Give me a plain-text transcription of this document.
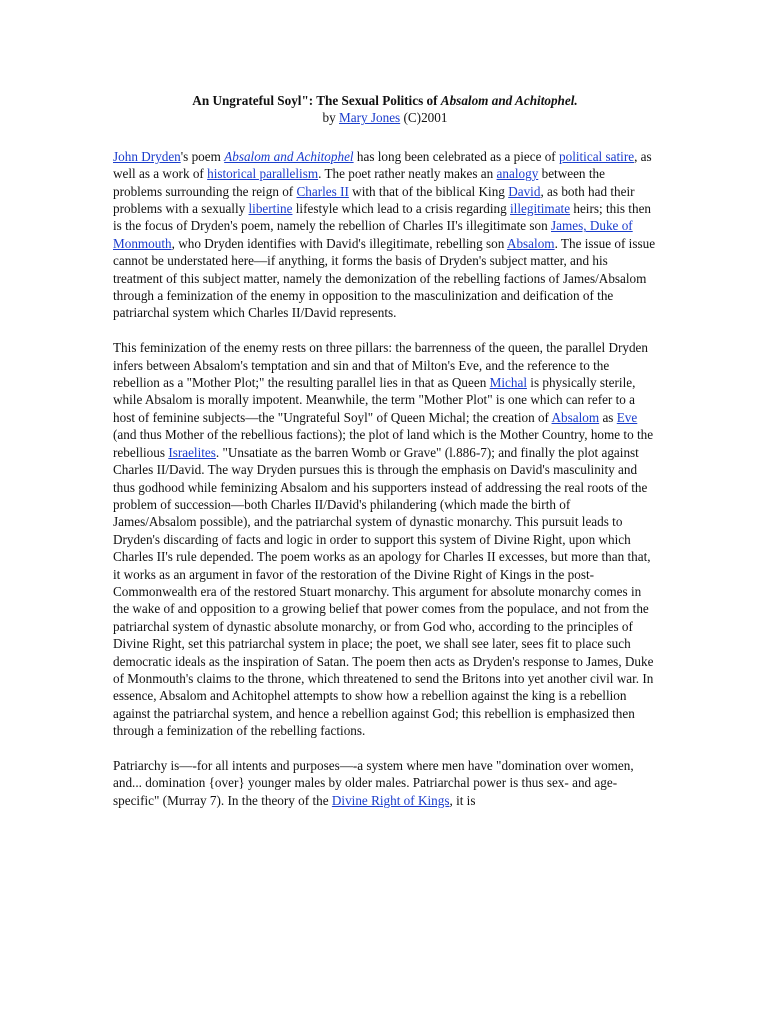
An Ungrateful Soyl": The Sexual Politics of Absalom and Achitophel.
by Mary Jones (C)2001

John Dryden's poem Absalom and Achitophel has long been celebrated as a piece of political satire, as well as a work of historical parallelism. The poet rather neatly makes an analogy between the problems surrounding the reign of Charles II with that of the biblical King David, as both had their problems with a sexually libertine lifestyle which lead to a crisis regarding illegitimate heirs; this then is the focus of Dryden's poem, namely the rebellion of Charles II's illegitimate son James, Duke of Monmouth, who Dryden identifies with David's illegitimate, rebelling son Absalom. The issue of issue cannot be understated here—if anything, it forms the basis of Dryden's subject matter, and his treatment of this subject matter, namely the demonization of the rebelling factions of James/Absalom through a feminization of the enemy in opposition to the masculinization and deification of the patriarchal system which Charles II/David represents.

This feminization of the enemy rests on three pillars: the barrenness of the queen, the parallel Dryden infers between Absalom's temptation and sin and that of Milton's Eve, and the reference to the rebellion as a "Mother Plot;" the resulting parallel lies in that as Queen Michal is physically sterile, while Absalom is morally impotent. Meanwhile, the term "Mother Plot" is one which can refer to a host of feminine subjects—the "Ungrateful Soyl" of Queen Michal; the creation of Absalom as Eve (and thus Mother of the rebellious factions); the plot of land which is the Mother Country, home to the rebellious Israelites. "Unsatiate as the barren Womb or Grave" (l.886-7); and finally the plot against Charles II/David. The way Dryden pursues this is through the emphasis on David's masculinity and thus godhood while feminizing Absalom and his supporters instead of addressing the real roots of the problem of succession—both Charles II/David's philandering (which made the birth of James/Absalom possible), and the patriarchal system of dynastic monarchy. This pursuit leads to Dryden's discarding of facts and logic in order to support this system of Divine Right, upon which Charles II's rule depended. The poem works as an apology for Charles II excesses, but more than that, it works as an argument in favor of the restoration of the Divine Right of Kings in the post-Commonwealth era of the restored Stuart monarchy. This argument for absolute monarchy comes in the wake of and opposition to a growing belief that power comes from the populace, and not from the patriarchal system of dynastic absolute monarchy, or from God who, according to the principles of Divine Right, set this patriarchal system in place; the poet, we shall see later, sees fit to place such democratic ideals as the inspiration of Satan. The poem then acts as Dryden's response to James, Duke of Monmouth's claims to the throne, which threatened to send the Britons into yet another civil war. In essence, Absalom and Achitophel attempts to show how a rebellion against the king is a rebellion against the patriarchal system, and hence a rebellion against God; this rebellion is emphasized then through a feminization of the rebelling factions.

Patriarchy is—-for all intents and purposes—-a system where men have "domination over women, and... domination {over} younger males by older males. Patriarchal power is thus sex- and age-specific" (Murray 7). In the theory of the Divine Right of Kings, it is
